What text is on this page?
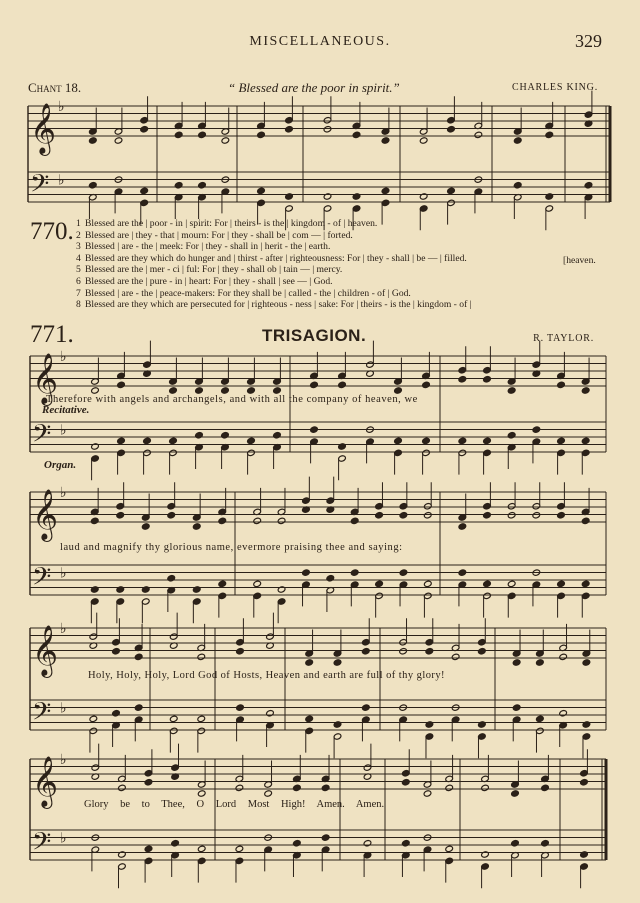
MISCELLANEOUS.	329
Chant 18.	“ Blessed are the poor in spirit.”	CHARLES KING.
𝄞 ♭
𝄢 ♭
𝄞 ♭
𝄢 ♭
𝄞 ♭
𝄢 ♭
𝄞 ♭
𝄢 ♭
𝄞 ♭
𝄢 ♭
770. 1 Blessed are the | poor - in | spirit: For | theirs - is the | kingdom - of | heaven.
2 Blessed are | they - that | mourn: For | they - shall be | com — | forted.
3 Blessed | are - the | meek: For | they - shall in | herit - the | earth.
4 Blessed are they which do hunger and | thirst - after | righteousness: For | they - shall | be — | filled.
5 Blessed are the | mer - ci | ful: For | they - shall ob | tain — | mercy.
6 Blessed are the | pure - in | heart: For | they - shall | see — | God.
7 Blessed | are - the | peace-makers: For they shall be | called - the | children - of | God.
8 Blessed are they which are persecuted for | righteous - ness | sake: For | theirs - is the | kingdom - of |
[heaven.
771.	TRISAGION.	R. TAYLOR.
Recitative.
Organ.
Therefore with angels and archangels, and with all the company of heaven, we
laud and magnify thy glorious name, evermore praising thee and saying:
Holy, Holy, Holy, Lord God of Hosts, Heaven and earth are full of thy glory!
Glory be to Thee, O Lord Most High! Amen. Amen.
